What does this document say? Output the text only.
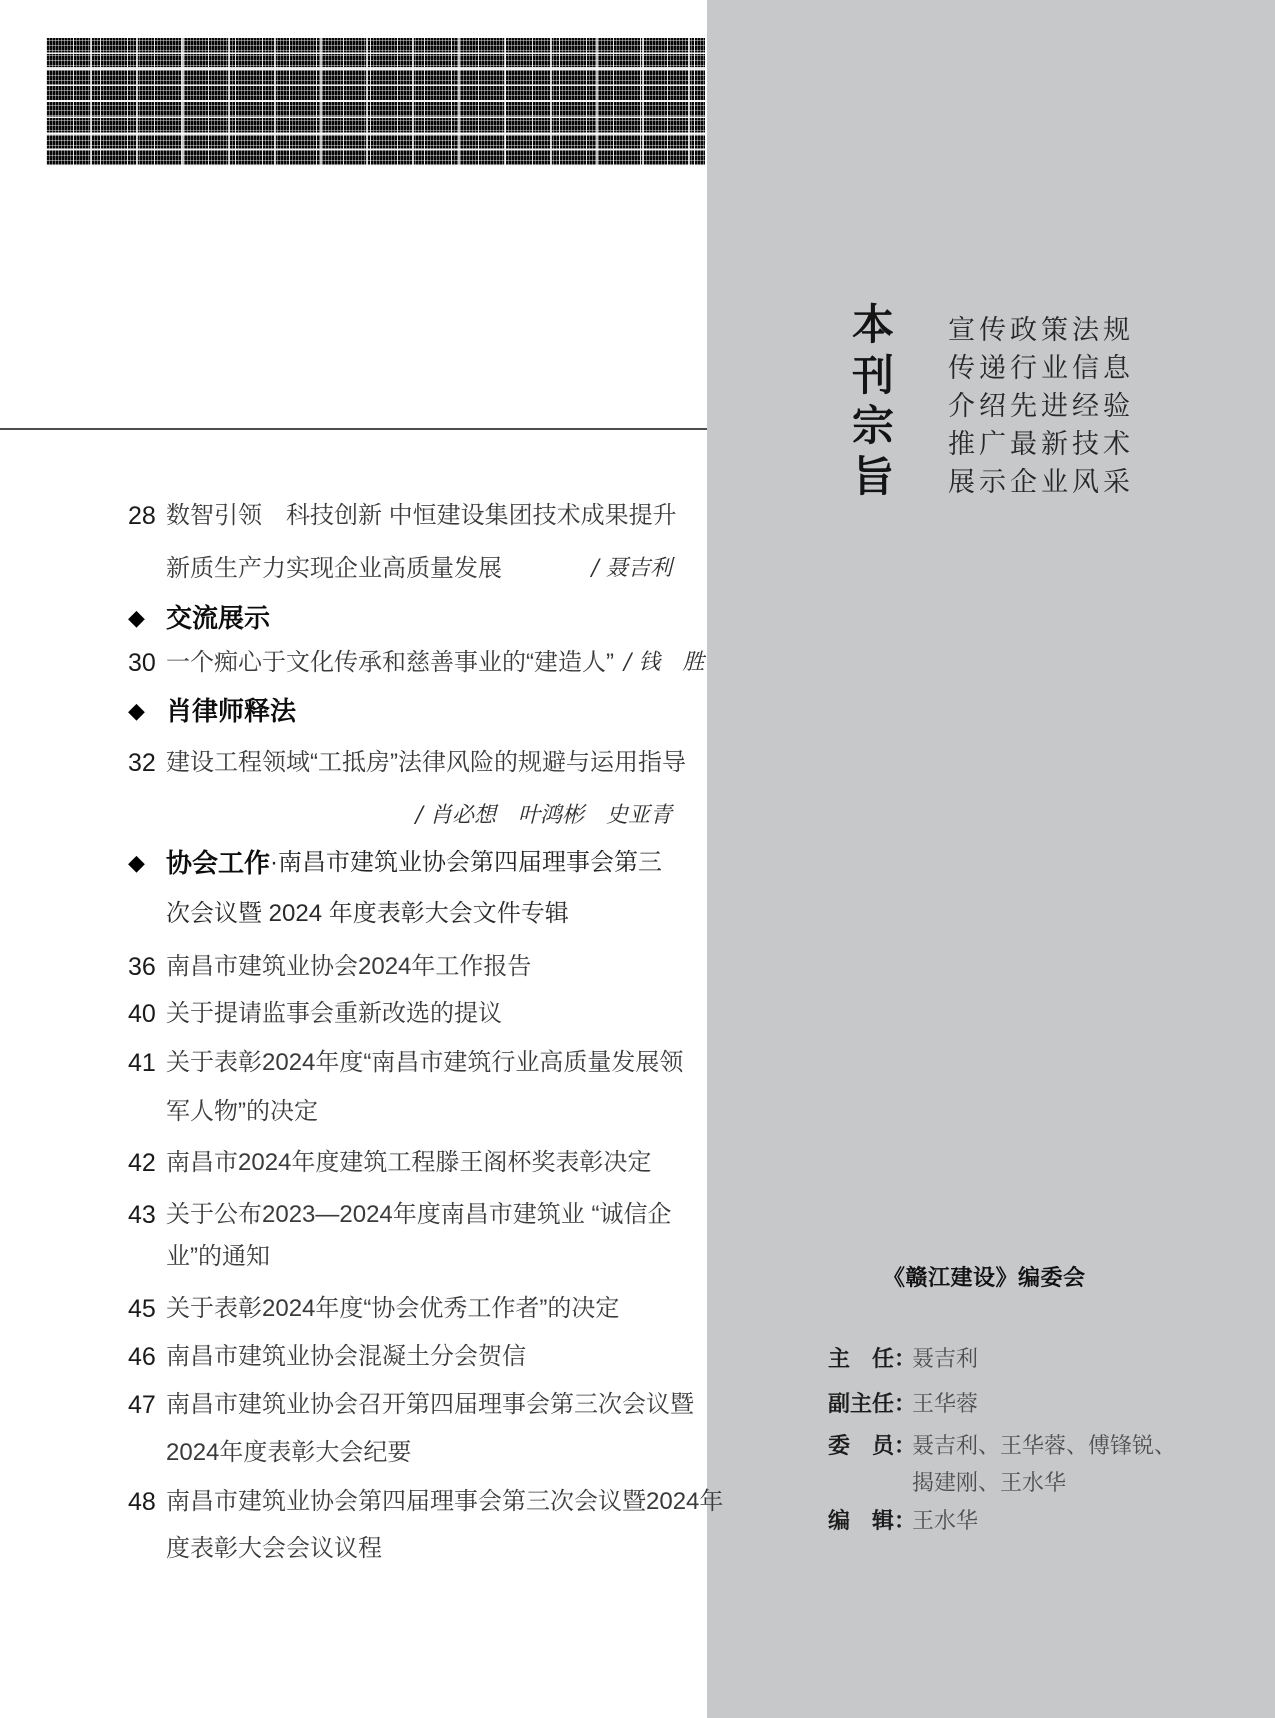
本
刊
宗
旨
宣传政策法规
传递行业信息
介绍先进经验
推广最新技术
展示企业风采
28 数智引领　科技创新 中恒建设集团技术成果提升
新质生产力实现企业高质量发展	/ 聂吉利
◆ 交流展示
30 一个痴心于文化传承和慈善事业的“建造人” / 钱　胜
◆ 肖律师释法
32 建设工程领域“工抵房”法律风险的规避与运用指导
/ 肖必想　叶鸿彬　史亚青
◆ 协会工作·南昌市建筑业协会第四届理事会第三
次会议暨 2024 年度表彰大会文件专辑
36 南昌市建筑业协会2024年工作报告
40 关于提请监事会重新改选的提议
41 关于表彰2024年度“南昌市建筑行业高质量发展领
军人物”的决定
42 南昌市2024年度建筑工程滕王阁杯奖表彰决定
43 关于公布2023—2024年度南昌市建筑业 “诚信企
业”的通知
45 关于表彰2024年度“协会优秀工作者”的决定
46 南昌市建筑业协会混凝土分会贺信
47 南昌市建筑业协会召开第四届理事会第三次会议暨
2024年度表彰大会纪要
48 南昌市建筑业协会第四届理事会第三次会议暨2024年
度表彰大会会议议程
《赣江建设》编委会
主　任：聂吉利
副主任：王华蓉
委　员：聂吉利、王华蓉、傅锋锐、
揭建刚、王水华
编　辑：王水华
